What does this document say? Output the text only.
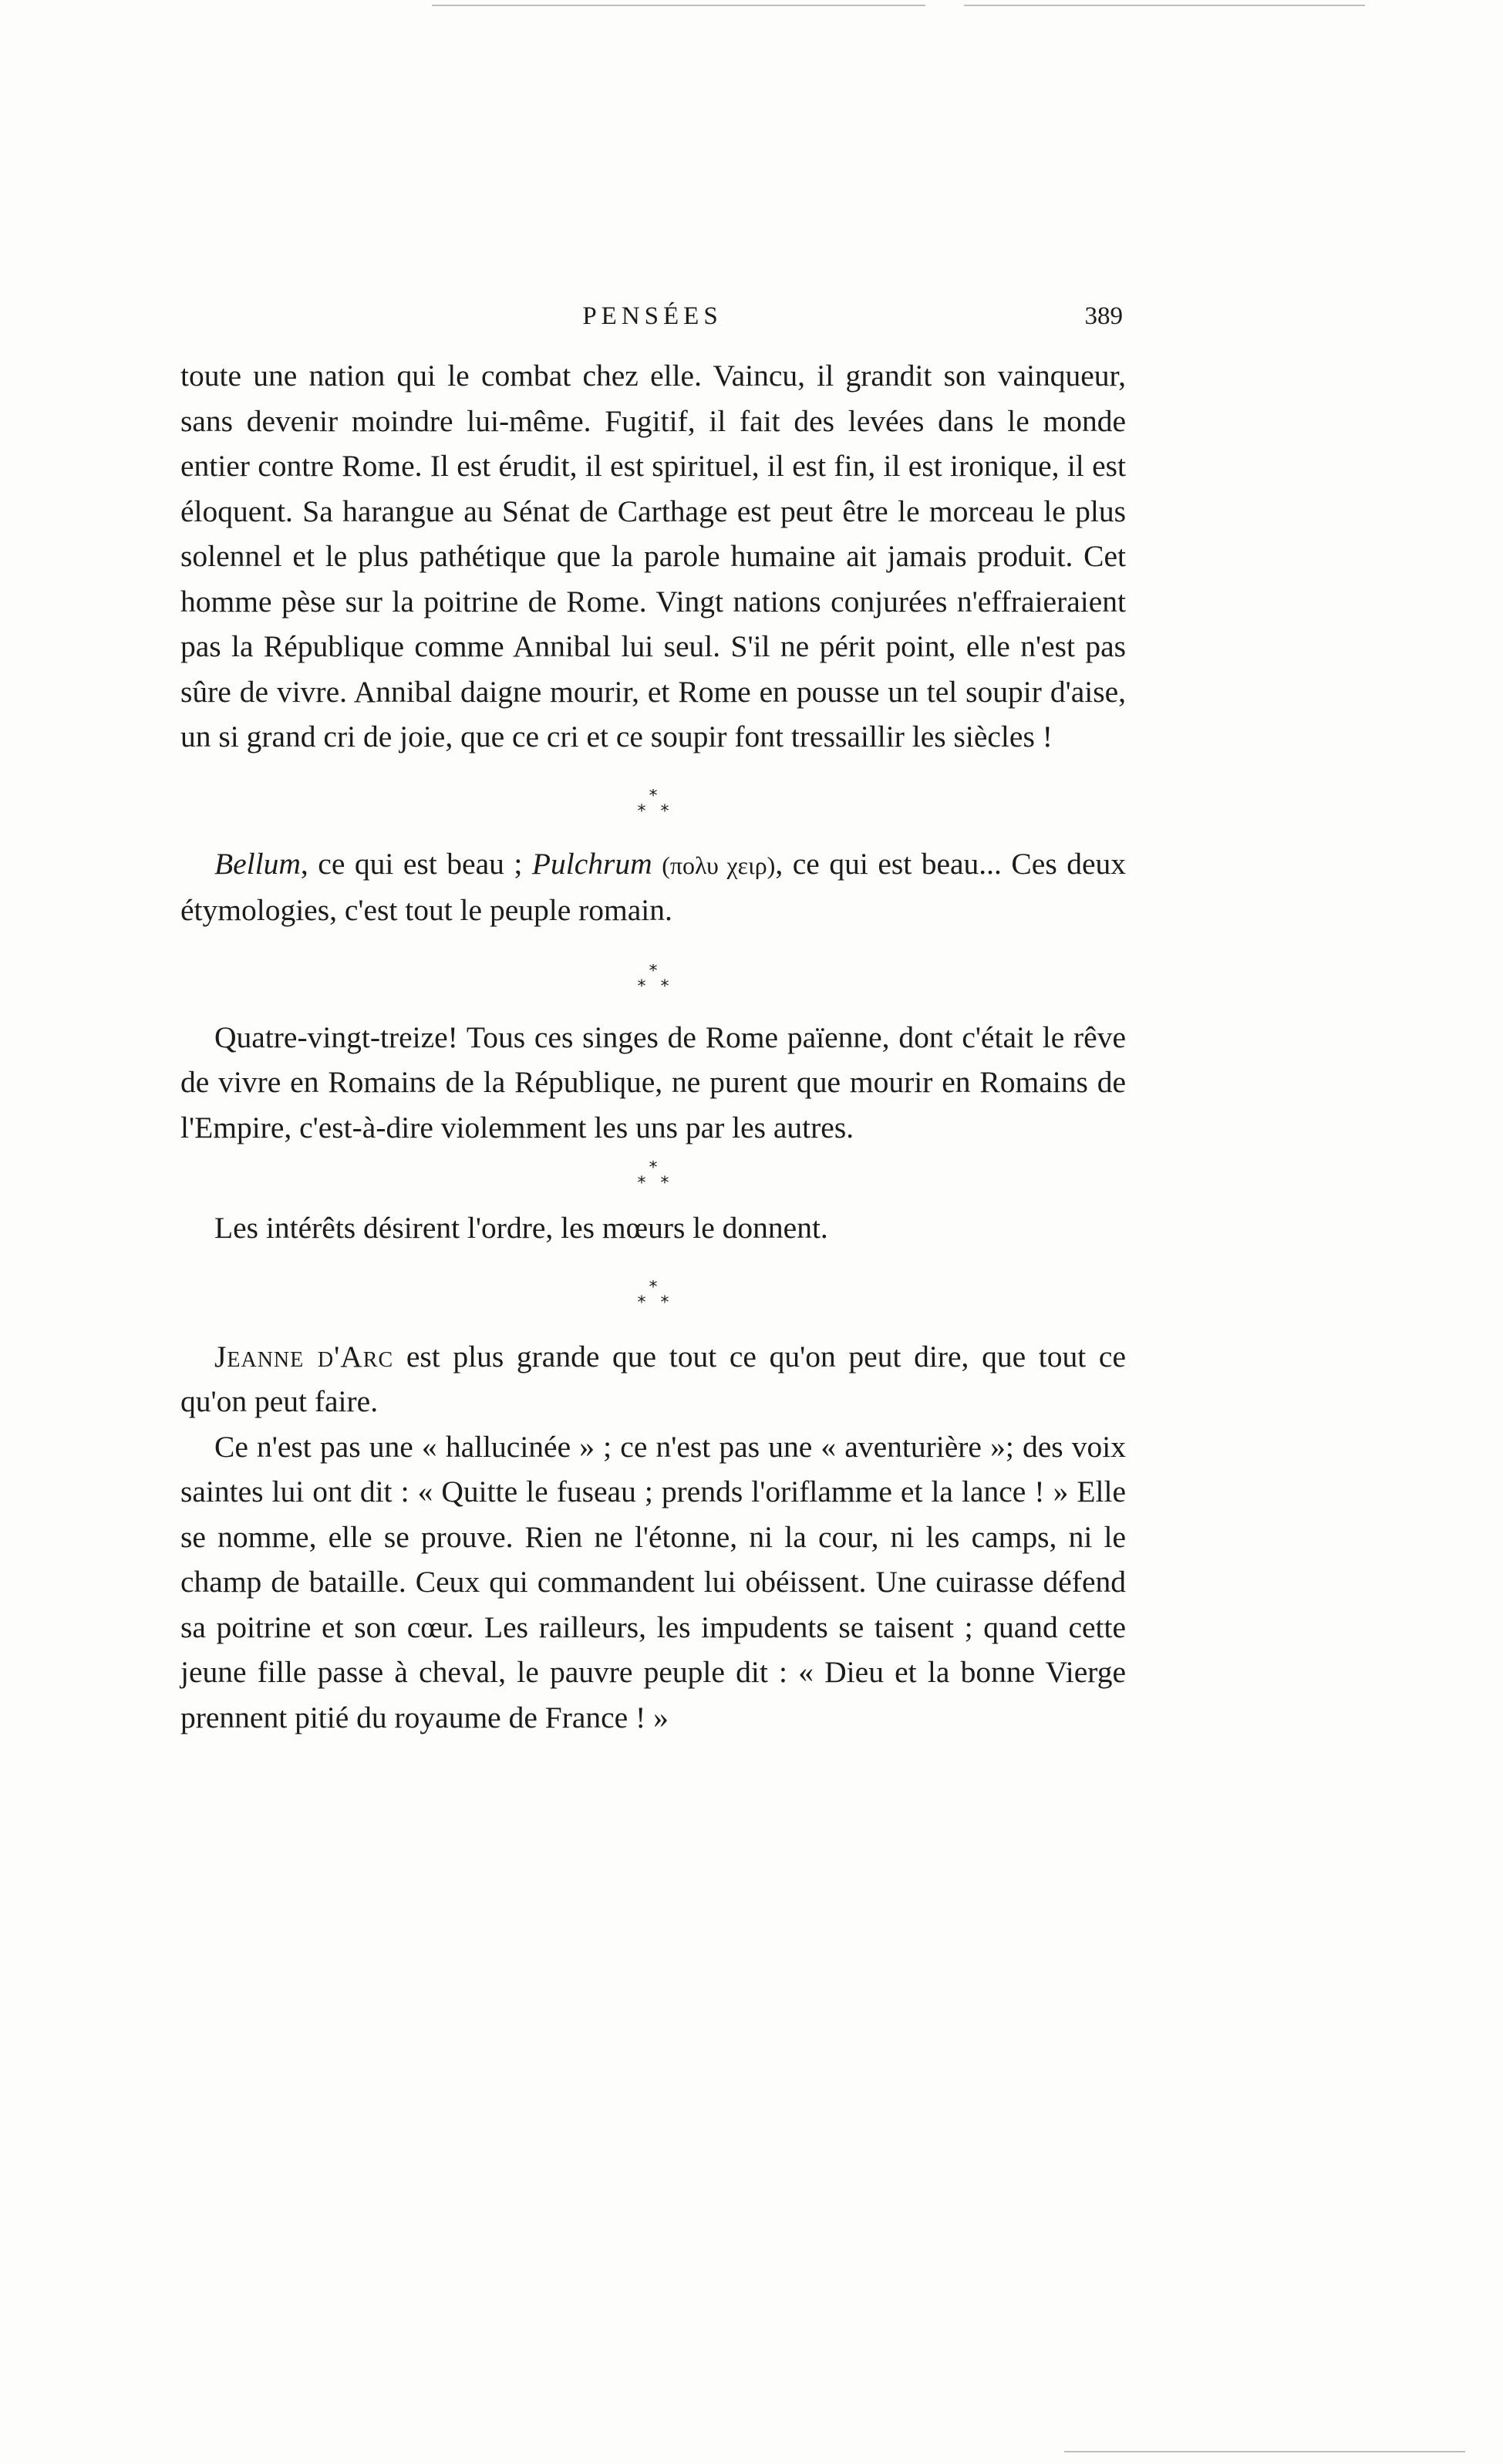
PENSÉES	389

toute une nation qui le combat chez elle. Vaincu, il grandit son vainqueur, sans devenir moindre lui-même. Fugitif, il fait des levées dans le monde entier contre Rome. Il est érudit, il est spirituel, il est fin, il est ironique, il est éloquent. Sa harangue au Sénat de Carthage est peut être le morceau le plus solennel et le plus pathétique que la parole humaine ait jamais produit. Cet homme pèse sur la poitrine de Rome. Vingt nations conjurées n'effraieraient pas la République comme Annibal lui seul. S'il ne périt point, elle n'est pas sûre de vivre. Annibal daigne mourir, et Rome en pousse un tel soupir d'aise, un si grand cri de joie, que ce cri et ce soupir font tressaillir les siècles !

*
* *

Bellum, ce qui est beau ; Pulchrum (πολυ χειρ), ce qui est beau... Ces deux étymologies, c'est tout le peuple romain.

*
* *

Quatre-vingt-treize! Tous ces singes de Rome païenne, dont c'était le rêve de vivre en Romains de la République, ne purent que mourir en Romains de l'Empire, c'est-à-dire violemment les uns par les autres.

*
* *

Les intérêts désirent l'ordre, les mœurs le donnent.

*
* *

Jeanne d'Arc est plus grande que tout ce qu'on peut dire, que tout ce qu'on peut faire.

Ce n'est pas une « hallucinée » ; ce n'est pas une « aventurière »; des voix saintes lui ont dit : « Quitte le fuseau ; prends l'oriflamme et la lance ! » Elle se nomme, elle se prouve. Rien ne l'étonne, ni la cour, ni les camps, ni le champ de bataille. Ceux qui commandent lui obéissent. Une cuirasse défend sa poitrine et son cœur. Les railleurs, les impudents se taisent ; quand cette jeune fille passe à cheval, le pauvre peuple dit : « Dieu et la bonne Vierge prennent pitié du royaume de France ! »
